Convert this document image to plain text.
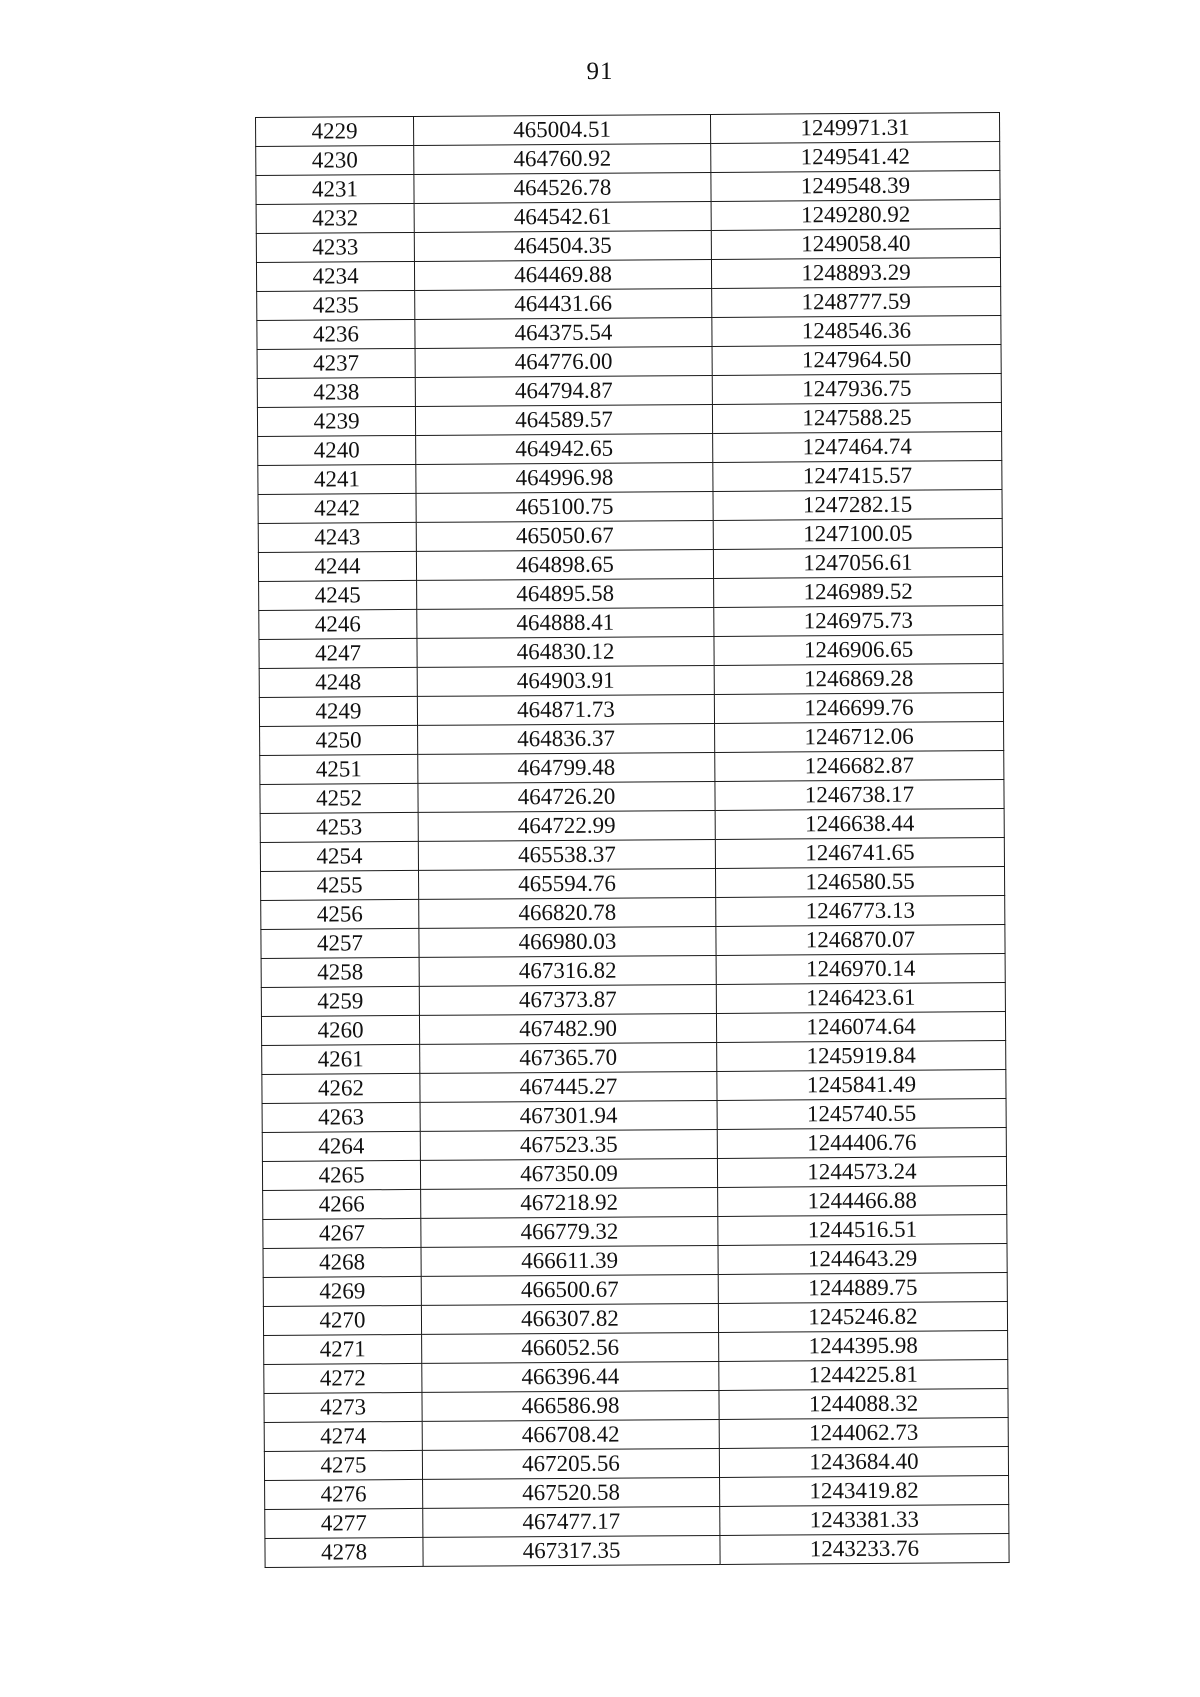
91
4229	465004.51	1249971.31
4230	464760.92	1249541.42
4231	464526.78	1249548.39
4232	464542.61	1249280.92
4233	464504.35	1249058.40
4234	464469.88	1248893.29
4235	464431.66	1248777.59
4236	464375.54	1248546.36
4237	464776.00	1247964.50
4238	464794.87	1247936.75
4239	464589.57	1247588.25
4240	464942.65	1247464.74
4241	464996.98	1247415.57
4242	465100.75	1247282.15
4243	465050.67	1247100.05
4244	464898.65	1247056.61
4245	464895.58	1246989.52
4246	464888.41	1246975.73
4247	464830.12	1246906.65
4248	464903.91	1246869.28
4249	464871.73	1246699.76
4250	464836.37	1246712.06
4251	464799.48	1246682.87
4252	464726.20	1246738.17
4253	464722.99	1246638.44
4254	465538.37	1246741.65
4255	465594.76	1246580.55
4256	466820.78	1246773.13
4257	466980.03	1246870.07
4258	467316.82	1246970.14
4259	467373.87	1246423.61
4260	467482.90	1246074.64
4261	467365.70	1245919.84
4262	467445.27	1245841.49
4263	467301.94	1245740.55
4264	467523.35	1244406.76
4265	467350.09	1244573.24
4266	467218.92	1244466.88
4267	466779.32	1244516.51
4268	466611.39	1244643.29
4269	466500.67	1244889.75
4270	466307.82	1245246.82
4271	466052.56	1244395.98
4272	466396.44	1244225.81
4273	466586.98	1244088.32
4274	466708.42	1244062.73
4275	467205.56	1243684.40
4276	467520.58	1243419.82
4277	467477.17	1243381.33
4278	467317.35	1243233.76
